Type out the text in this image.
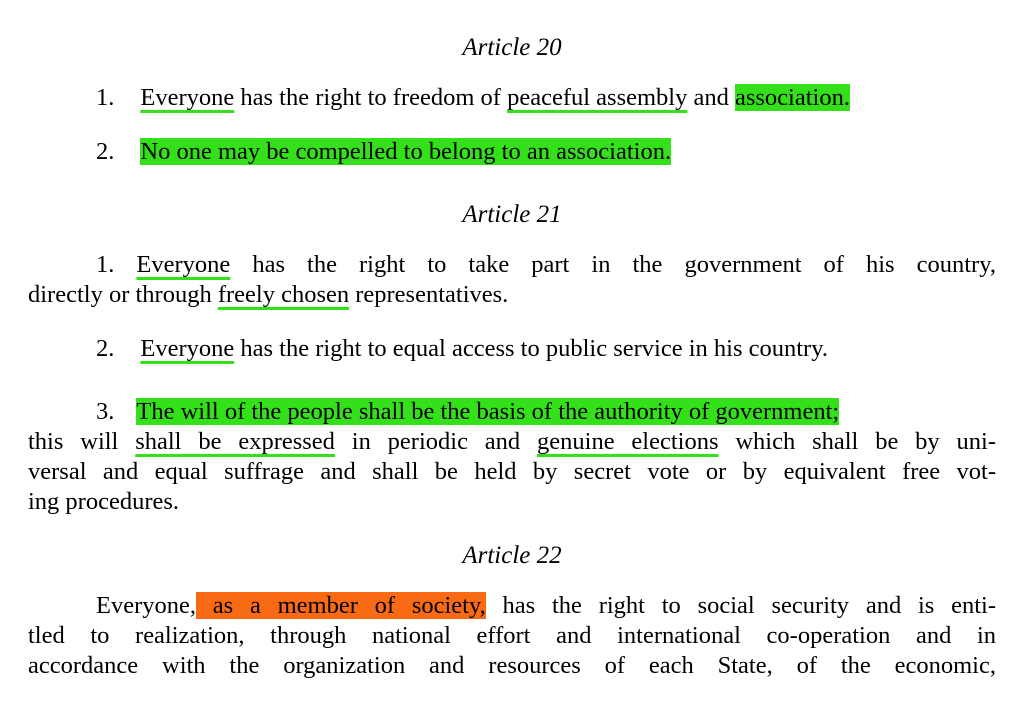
Article 20

1. Everyone has the right to freedom of peaceful assembly and association.

2. No one may be compelled to belong to an association.

Article 21

1. Everyone has the right to take part in the government of his country,
directly or through freely chosen representatives.

2. Everyone has the right to equal access to public service in his country.

3. The will of the people shall be the basis of the authority of government;
this will shall be expressed in periodic and genuine elections which shall be by uni-
versal and equal suffrage and shall be held by secret vote or by equivalent free vot-
ing procedures.

Article 22

Everyone, as a member of society, has the right to social security and is enti-
tled to realization, through national effort and international co-operation and in
accordance with the organization and resources of each State, of the economic,
